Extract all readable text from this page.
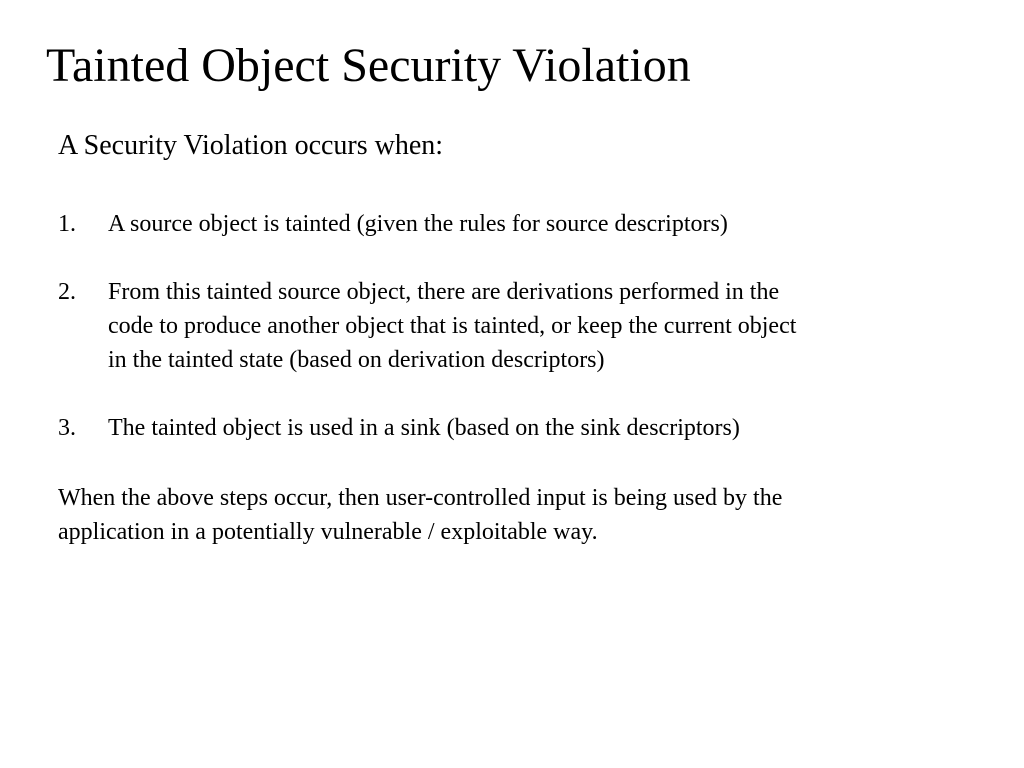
Tainted Object Security Violation

A Security Violation occurs when:

1.	A source object is tainted (given the rules for source descriptors)
2.	From this tainted source object, there are derivations performed in the
code to produce another object that is tainted, or keep the current object
in the tainted state (based on derivation descriptors)
3.	The tainted object is used in a sink (based on the sink descriptors)

When the above steps occur, then user-controlled input is being used by the
application in a potentially vulnerable / exploitable way.
